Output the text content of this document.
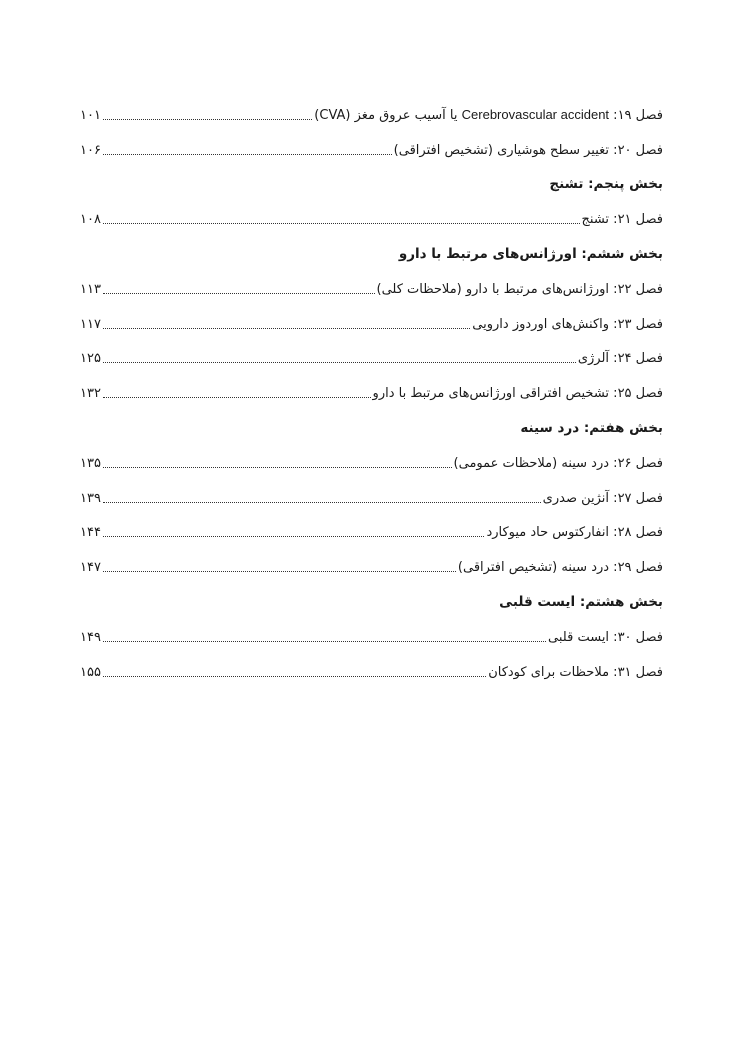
فصل ۱۹: Cerebrovascular accident یا آسیب عروق مغز (CVA)
۱۰۱
فصل ۲۰: تغییر سطح هوشیاری (تشخیص افتراقی)
۱۰۶
بخش پنجم: تشنج
فصل ۲۱: تشنج
۱۰۸
بخش ششم: اورژانس‌های مرتبط با دارو
فصل ۲۲: اورژانس‌های مرتبط با دارو (ملاحظات کلی)
۱۱۳
فصل ۲۳: واکنش‌های اوردوز دارویی
۱۱۷
فصل ۲۴: آلرژی
۱۲۵
فصل ۲۵: تشخیص افتراقی اورژانس‌های مرتبط با دارو
۱۳۲
بخش هفتم: درد سینه
فصل ۲۶: درد سینه (ملاحظات عمومی)
۱۳۵
فصل ۲۷: آنژین صدری
۱۳۹
فصل ۲۸: انفارکتوس حاد میوکارد
۱۴۴
فصل ۲۹: درد سینه (تشخیص افتراقی)
۱۴۷
بخش هشتم: ایست قلبی
فصل ۳۰: ایست قلبی
۱۴۹
فصل ۳۱: ملاحظات برای کودکان
۱۵۵
